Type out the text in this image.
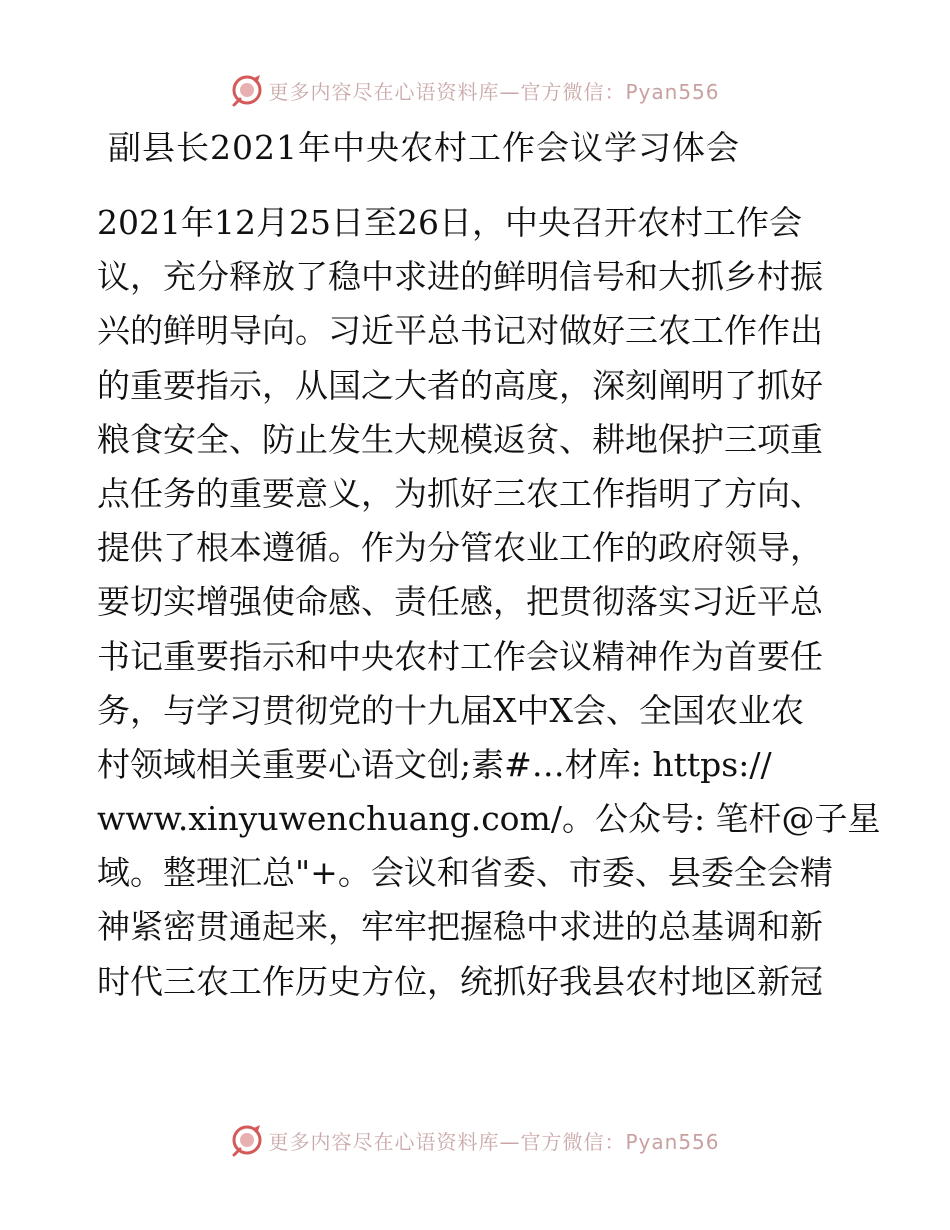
更多内容尽在心语资料库—官方微信：Pyan556
副县长2021年中央农村工作会议学习体会
2021年12月25日至26日，中央召开农村工作会
议，充分释放了稳中求进的鲜明信号和大抓乡村振
兴的鲜明导向。习近平总书记对做好三农工作作出
的重要指示，从国之大者的高度，深刻阐明了抓好
粮食安全、防止发生大规模返贫、耕地保护三项重
点任务的重要意义，为抓好三农工作指明了方向、
提供了根本遵循。作为分管农业工作的政府领导，
要切实增强使命感、责任感，把贯彻落实习近平总
书记重要指示和中央农村工作会议精神作为首要任
务，与学习贯彻党的十九届X中X会、全国农业农
村领域相关重要心语文创;素#…材库: https://
www.xinyuwenchuang.com/。公众号: 笔杆@子星
域。整理汇总"+。会议和省委、市委、县委全会精
神紧密贯通起来，牢牢把握稳中求进的总基调和新
时代三农工作历史方位，统抓好我县农村地区新冠
更多内容尽在心语资料库—官方微信：Pyan556
